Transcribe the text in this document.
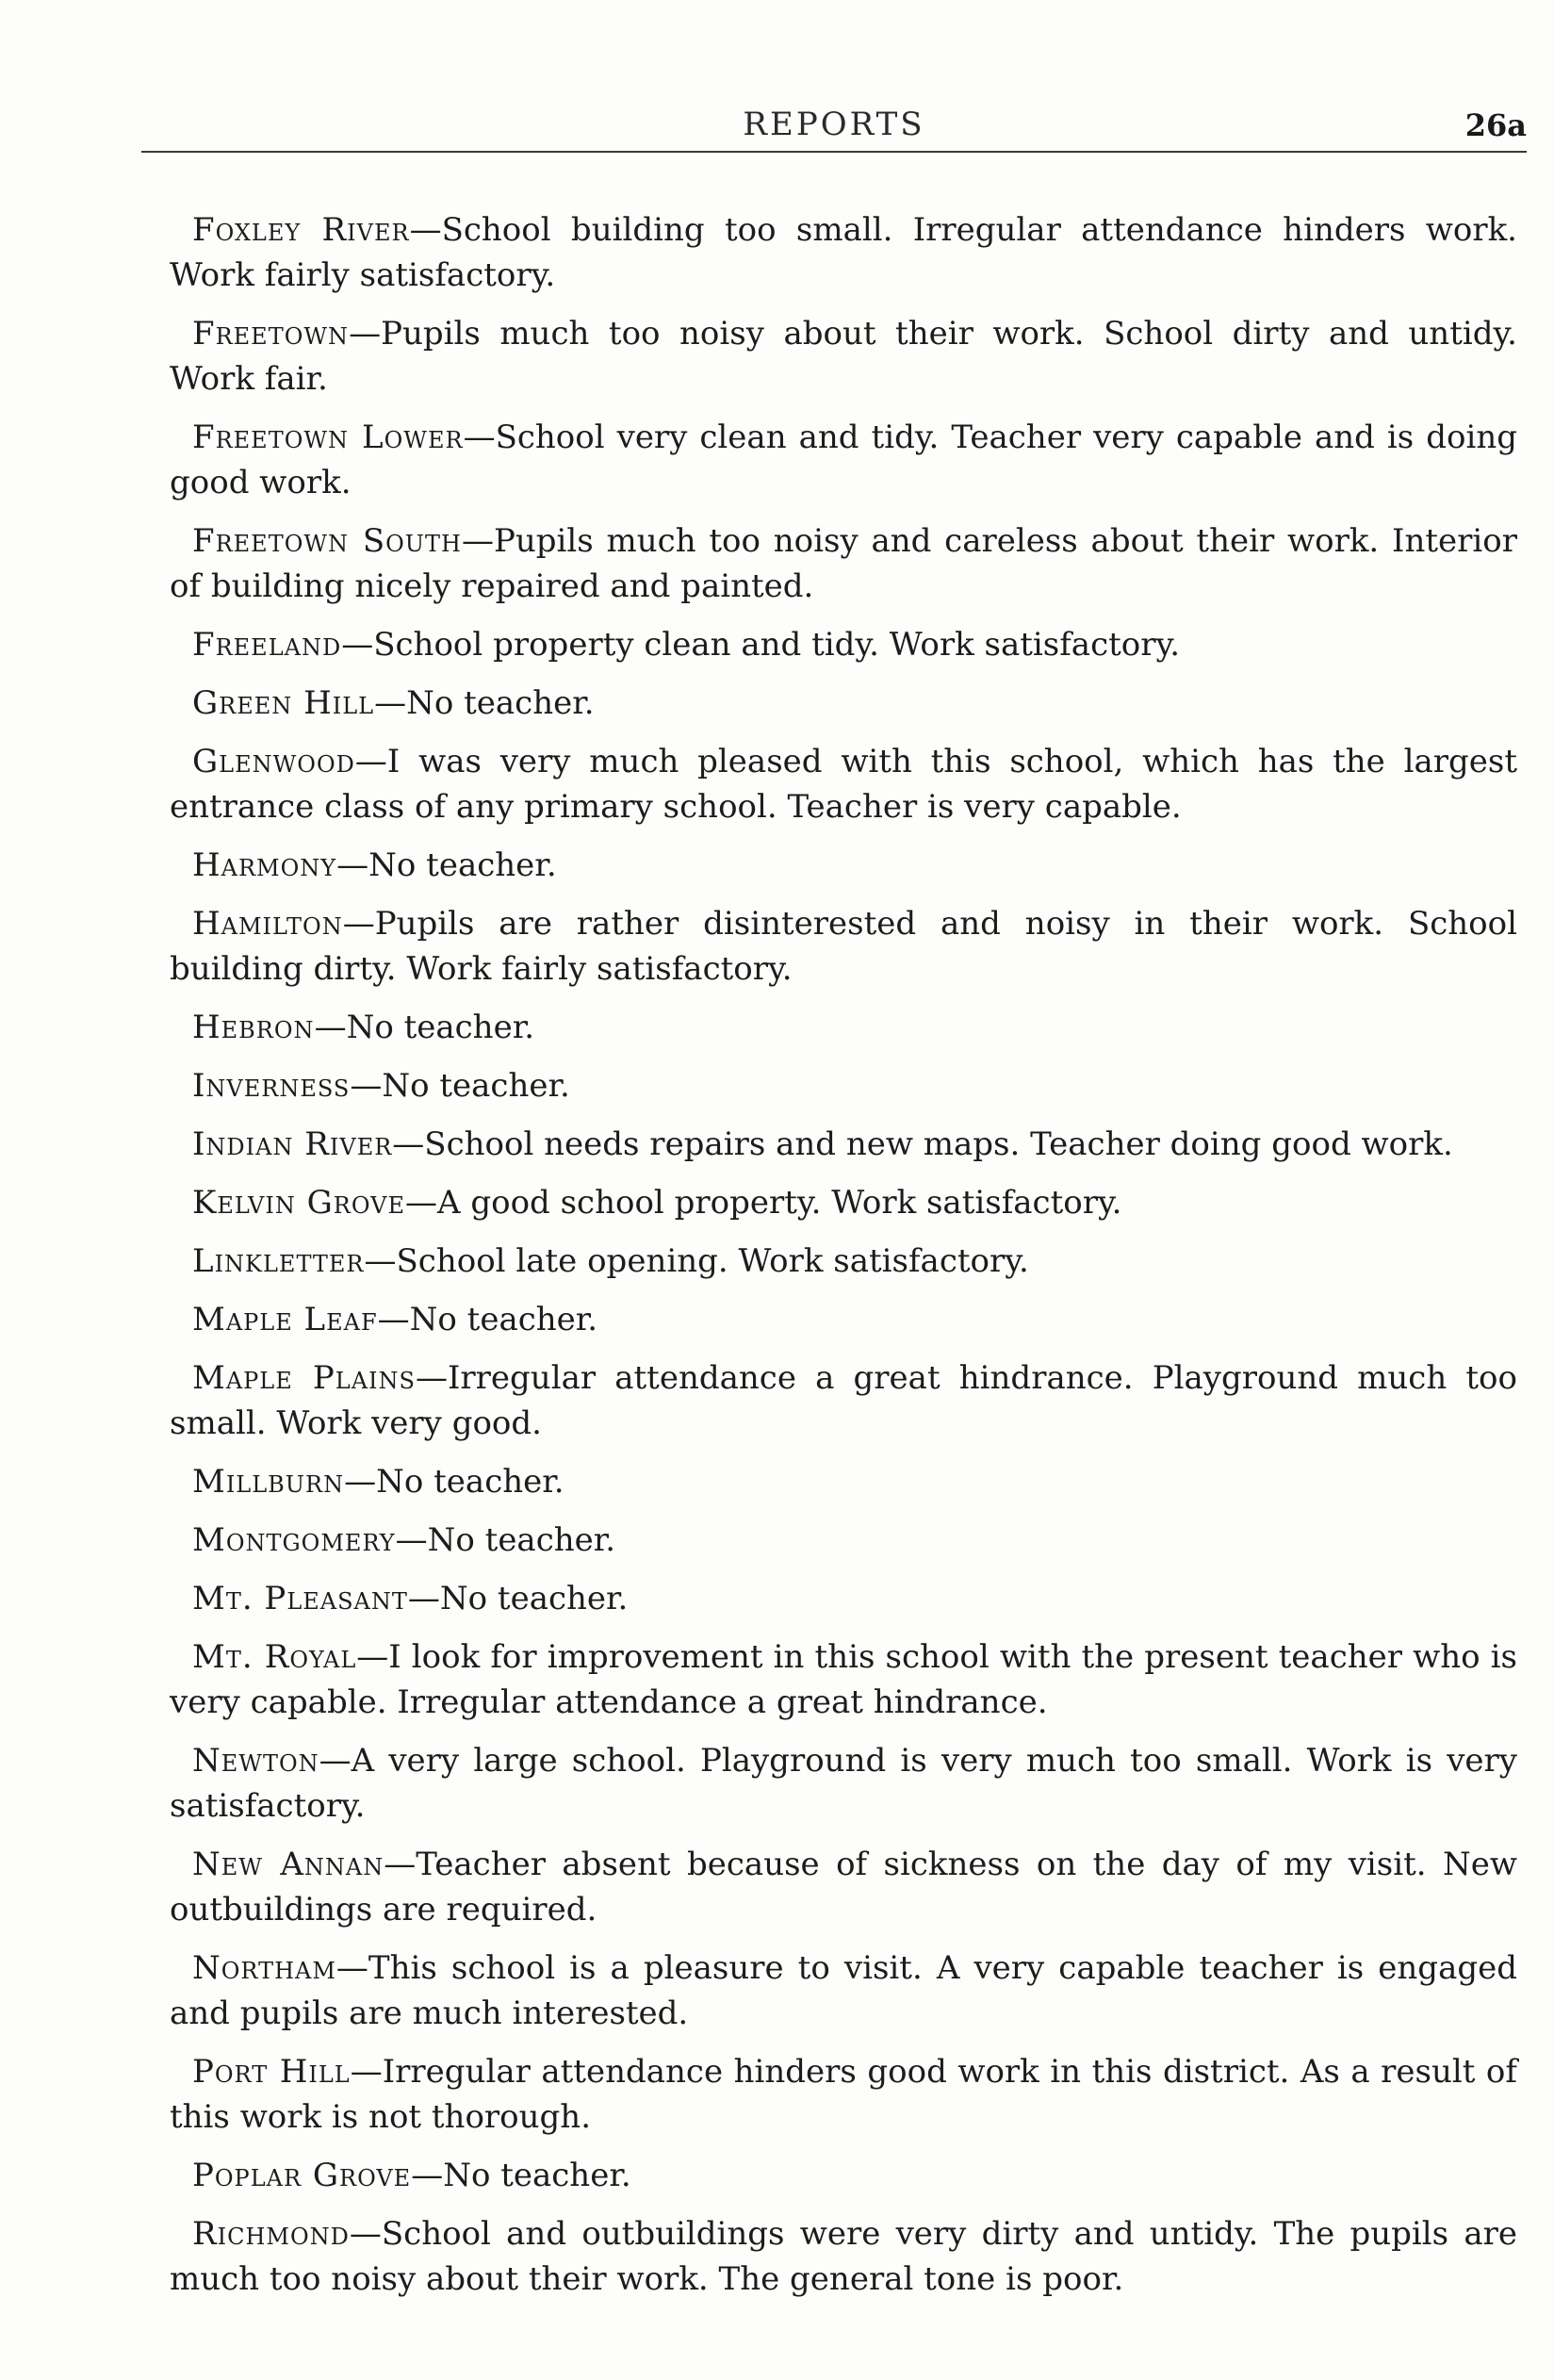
REPORTS	26a

Foxley River—School building too small. Irregular attendance hinders work. Work fairly satisfactory.

Freetown—Pupils much too noisy about their work. School dirty and untidy. Work fair.

Freetown Lower—School very clean and tidy. Teacher very capable and is doing good work.

Freetown South—Pupils much too noisy and careless about their work. Interior of building nicely repaired and painted.

Freeland—School property clean and tidy. Work satisfactory.

Green Hill—No teacher.

Glenwood—I was very much pleased with this school, which has the largest entrance class of any primary school. Teacher is very capable.

Harmony—No teacher.

Hamilton—Pupils are rather disinterested and noisy in their work. School building dirty. Work fairly satisfactory.

Hebron—No teacher.

Inverness—No teacher.

Indian River—School needs repairs and new maps. Teacher doing good work.

Kelvin Grove—A good school property. Work satisfactory.

Linkletter—School late opening. Work satisfactory.

Maple Leaf—No teacher.

Maple Plains—Irregular attendance a great hindrance. Playground much too small. Work very good.

Millburn—No teacher.

Montgomery—No teacher.

Mt. Pleasant—No teacher.

Mt. Royal—I look for improvement in this school with the present teacher who is very capable. Irregular attendance a great hindrance.

Newton—A very large school. Playground is very much too small. Work is very satisfactory.

New Annan—Teacher absent because of sickness on the day of my visit. New outbuildings are required.

Northam—This school is a pleasure to visit. A very capable teacher is engaged and pupils are much interested.

Port Hill—Irregular attendance hinders good work in this district. As a result of this work is not thorough.

Poplar Grove—No teacher.

Richmond—School and outbuildings were very dirty and untidy. The pupils are much too noisy about their work. The general tone is poor.
